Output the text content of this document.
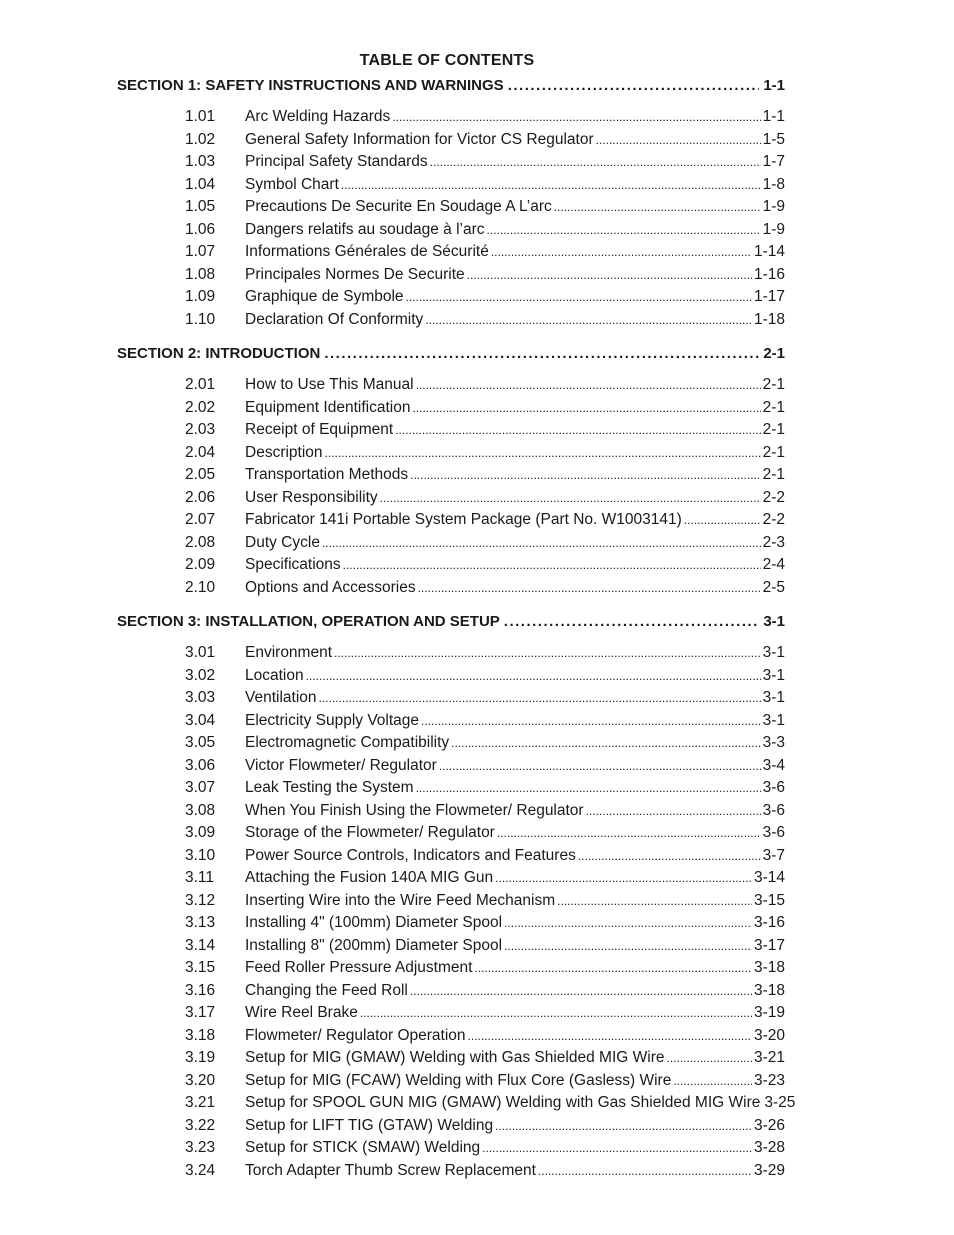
TABLE OF CONTENTS
SECTION 1: SAFETY INSTRUCTIONS AND WARNINGS .....	1-1
1.01	Arc Welding Hazards .....	1-1
1.02	General Safety Information for Victor CS Regulator .....	1-5
1.03	Principal Safety Standards .....	1-7
1.04	Symbol Chart .....	1-8
1.05	Precautions De Securite En Soudage A L’arc .....	1-9
1.06	Dangers relatifs au soudage à l’arc .....	1-9
1.07	Informations Générales de Sécurité .....	1-14
1.08	Principales Normes De Securite .....	1-16
1.09	Graphique de Symbole .....	1-17
1.10	Declaration Of Conformity .....	1-18
SECTION 2: INTRODUCTION .....	2-1
2.01	How to Use This Manual .....	2-1
2.02	Equipment Identification .....	2-1
2.03	Receipt of Equipment .....	2-1
2.04	Description .....	2-1
2.05	Transportation Methods .....	2-1
2.06	User Responsibility .....	2-2
2.07	Fabricator 141i Portable System Package (Part No. W1003141) .....	2-2
2.08	Duty Cycle .....	2-3
2.09	Specifications .....	2-4
2.10	Options and Accessories .....	2-5
SECTION 3: INSTALLATION, OPERATION AND SETUP .....	3-1
3.01	Environment .....	3-1
3.02	Location .....	3-1
3.03	Ventilation .....	3-1
3.04	Electricity Supply Voltage .....	3-1
3.05	Electromagnetic Compatibility .....	3-3
3.06	Victor Flowmeter/ Regulator .....	3-4
3.07	Leak Testing the System .....	3-6
3.08	When You Finish Using the Flowmeter/ Regulator .....	3-6
3.09	Storage of the Flowmeter/ Regulator .....	3-6
3.10	Power Source Controls, Indicators and Features .....	3-7
3.11	Attaching the Fusion 140A MIG Gun .....	3-14
3.12	Inserting Wire into the Wire Feed Mechanism .....	3-15
3.13	Installing 4" (100mm) Diameter Spool .....	3-16
3.14	Installing 8" (200mm) Diameter Spool .....	3-17
3.15	Feed Roller Pressure Adjustment .....	3-18
3.16	Changing the Feed Roll .....	3-18
3.17	Wire Reel Brake .....	3-19
3.18	Flowmeter/ Regulator Operation .....	3-20
3.19	Setup for MIG (GMAW) Welding with Gas Shielded MIG Wire .....	3-21
3.20	Setup for MIG (FCAW) Welding with Flux Core (Gasless) Wire .....	3-23
3.21	Setup for SPOOL GUN MIG (GMAW) Welding with Gas Shielded MIG Wire 3-25
3.22	Setup for LIFT TIG (GTAW) Welding .....	3-26
3.23	Setup for STICK (SMAW) Welding .....	3-28
3.24	Torch Adapter Thumb Screw Replacement .....	3-29
